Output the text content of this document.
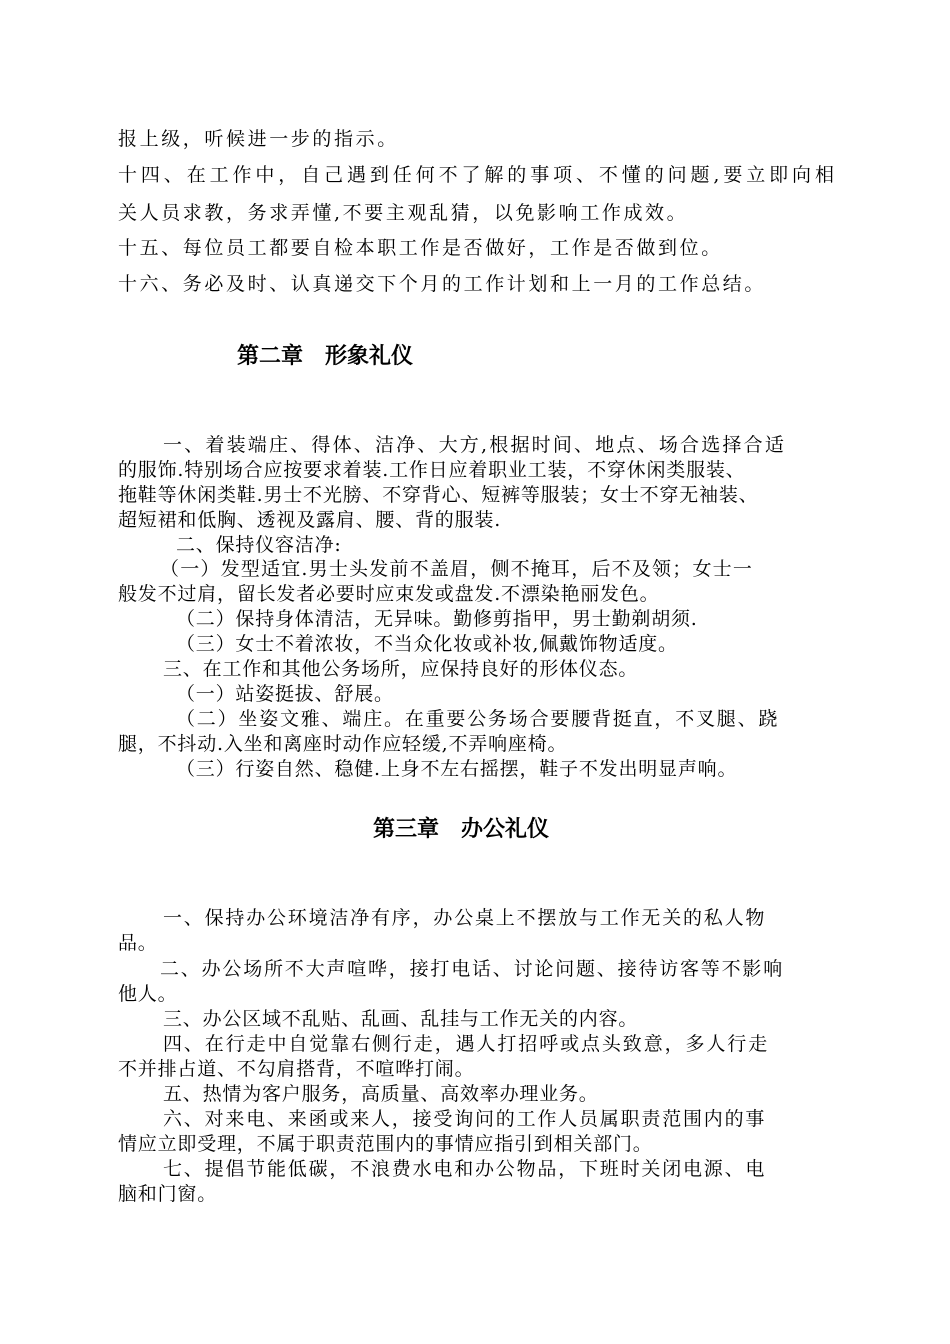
报上级，听候进一步的指示。
十四、在工作中，自己遇到任何不了解的事项、不懂的问题,要立即向相
关人员求教，务求弄懂,不要主观乱猜，以免影响工作成效。
十五、每位员工都要自检本职工作是否做好，工作是否做到位。
十六、务必及时、认真递交下个月的工作计划和上一月的工作总结。
第二章　形象礼仪
一、着装端庄、得体、洁净、大方,根据时间、地点、场合选择合适
的服饰.特别场合应按要求着装.工作日应着职业工装，不穿休闲类服装、
拖鞋等休闲类鞋.男士不光膀、不穿背心、短裤等服装；女士不穿无袖装、
超短裙和低胸、透视及露肩、腰、背的服装.
二、保持仪容洁净:
（一）发型适宜.男士头发前不盖眉，侧不掩耳，后不及领；女士一
般发不过肩，留长发者必要时应束发或盘发.不漂染艳丽发色。
（二）保持身体清洁，无异味。勤修剪指甲，男士勤剃胡须.
（三）女士不着浓妆，不当众化妆或补妆,佩戴饰物适度。
三、在工作和其他公务场所，应保持良好的形体仪态。
（一）站姿挺拔、舒展。
（二）坐姿文雅、端庄。在重要公务场合要腰背挺直，不叉腿、跷
腿，不抖动.入坐和离座时动作应轻缓,不弄响座椅。
（三）行姿自然、稳健.上身不左右摇摆，鞋子不发出明显声响。
第三章　办公礼仪
一、保持办公环境洁净有序，办公桌上不摆放与工作无关的私人物
品。
二、办公场所不大声喧哗，接打电话、讨论问题、接待访客等不影响
他人。
三、办公区域不乱贴、乱画、乱挂与工作无关的内容。
四、在行走中自觉靠右侧行走，遇人打招呼或点头致意，多人行走
不并排占道、不勾肩搭背，不喧哗打闹。
五、热情为客户服务，高质量、高效率办理业务。
六、对来电、来函或来人，接受询问的工作人员属职责范围内的事
情应立即受理，不属于职责范围内的事情应指引到相关部门。
七、提倡节能低碳，不浪费水电和办公物品，下班时关闭电源、电
脑和门窗。
